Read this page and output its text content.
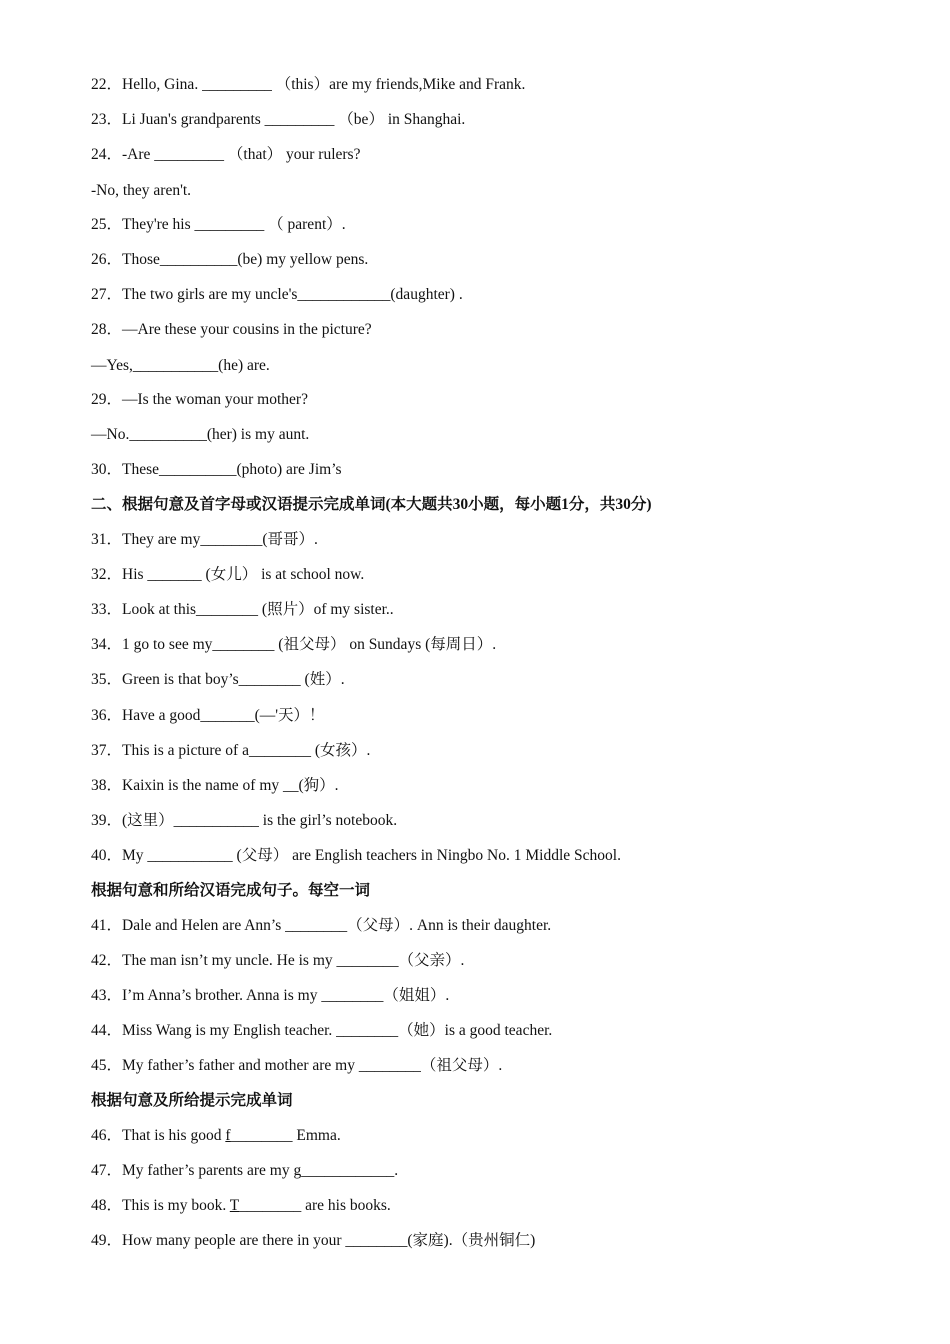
22．Hello, Gina. _________ （this）are my friends,Mike and Frank.
23．Li Juan's grandparents _________ （be） in Shanghai.
24．-Are _________ （that） your rulers?
-No, they aren't.
25．They're his _________ （ parent）.
26．Those__________(be) my yellow pens.
27．The two girls are my uncle's____________(daughter) .
28．—Are these your cousins in the picture?
—Yes,___________(he) are.
29．—Is the woman your mother?
—No.__________(her) is my aunt.
30．These__________(photo) are Jim’s
二、根据句意及首字母或汉语提示完成单词(本大题共30小题，每小题1分，共30分)
31．They are my________(哥哥）.
32．His _______ (女儿） is at school now.
33．Look at this________ (照片）of my sister..
34．1 go to see my________ (祖父母） on Sundays (每周日）.
35．Green is that boy’s________ (姓）.
36．Have a good_______(—'天）！
37．This is a picture of a________ (女孩）.
38．Kaixin is the name of my __(狗）.
39．(这里）___________ is the girl’s notebook.
40．My ___________ (父母） are English teachers in Ningbo No. 1 Middle School.
根据句意和所给汉语完成句子。每空一词
41．Dale and Helen are Ann’s ________（父母）. Ann is their daughter.
42．The man isn’t my uncle. He is my ________（父亲）.
43．I’m Anna’s brother. Anna is my ________（姐姐）.
44．Miss Wang is my English teacher. ________（她）is a good teacher.
45．My father’s father and mother are my ________（祖父母）.
根据句意及所给提示完成单词
46．That is his good f________ Emma.
47．My father’s parents are my g____________.
48．This is my book. T________ are his books.
49．How many people are there in your ________(家庭).（贵州铜仁)
